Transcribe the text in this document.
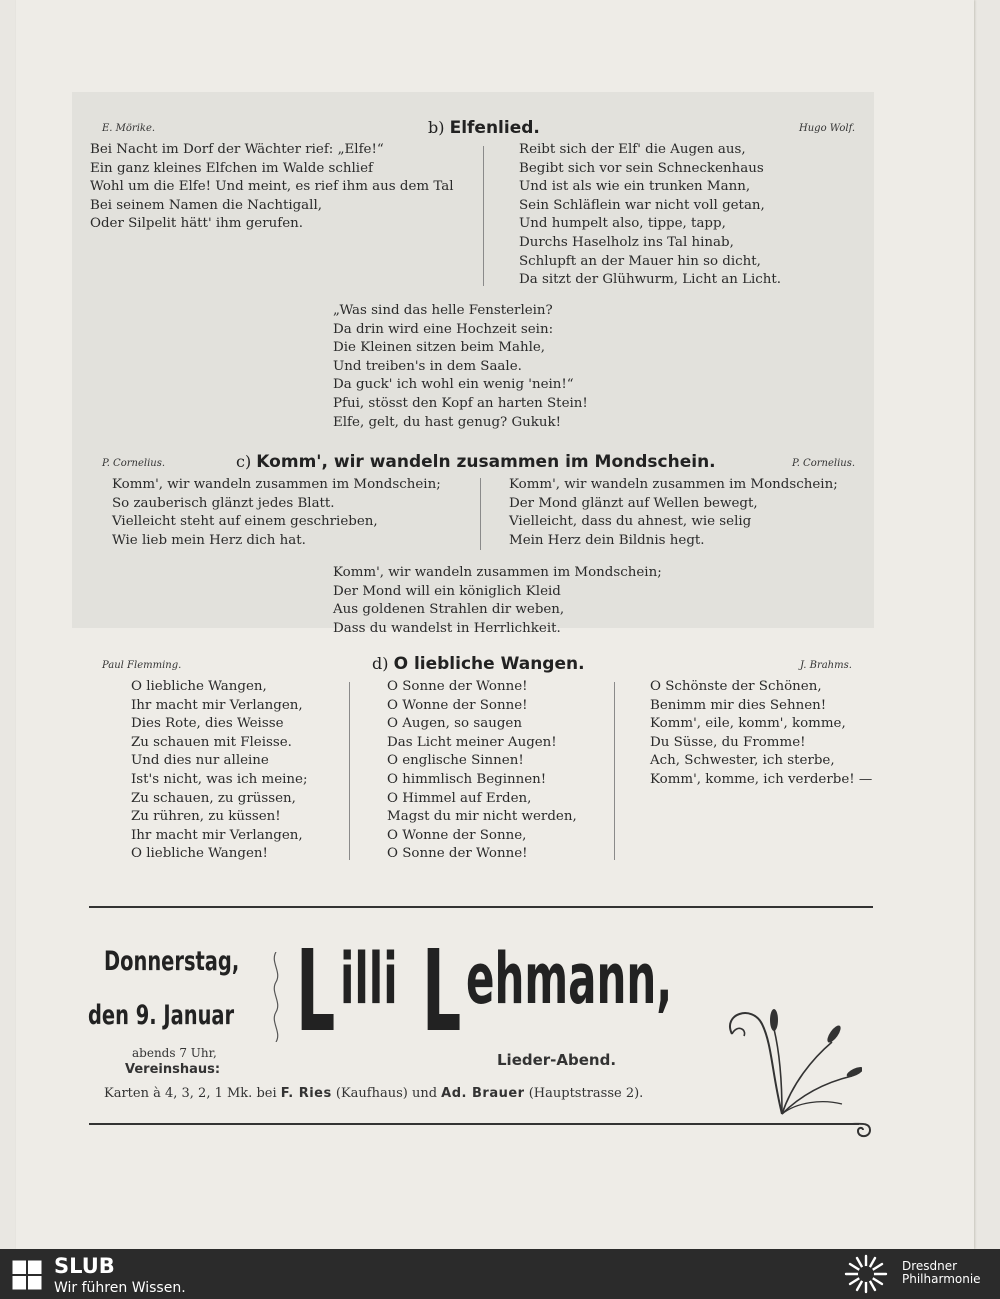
E. Mörike.	b) Elfenlied.	Hugo Wolf.
Bei Nacht im Dorf der Wächter rief: „Elfe!“
Ein ganz kleines Elfchen im Walde schlief
Wohl um die Elfe! Und meint, es rief ihm aus dem Tal
Bei seinem Namen die Nachtigall,
Oder Silpelit hätt' ihm gerufen.
Reibt sich der Elf' die Augen aus,
Begibt sich vor sein Schneckenhaus
Und ist als wie ein trunken Mann,
Sein Schläflein war nicht voll getan,
Und humpelt also, tippe, tapp,
Durchs Haselholz ins Tal hinab,
Schlupft an der Mauer hin so dicht,
Da sitzt der Glühwurm, Licht an Licht.
„Was sind das helle Fensterlein?
Da drin wird eine Hochzeit sein:
Die Kleinen sitzen beim Mahle,
Und treiben's in dem Saale.
Da guck' ich wohl ein wenig 'nein!“
Pfui, stösst den Kopf an harten Stein!
Elfe, gelt, du hast genug? Gukuk!
P. Cornelius.	c) Komm', wir wandeln zusammen im Mondschein.	P. Cornelius.
Komm', wir wandeln zusammen im Mondschein;
So zauberisch glänzt jedes Blatt.
Vielleicht steht auf einem geschrieben,
Wie lieb mein Herz dich hat.
Komm', wir wandeln zusammen im Mondschein;
Der Mond glänzt auf Wellen bewegt,
Vielleicht, dass du ahnest, wie selig
Mein Herz dein Bildnis hegt.
Komm', wir wandeln zusammen im Mondschein;
Der Mond will ein königlich Kleid
Aus goldenen Strahlen dir weben,
Dass du wandelst in Herrlichkeit.
Paul Flemming.	d) O liebliche Wangen.	J. Brahms.
O liebliche Wangen,
Ihr macht mir Verlangen,
Dies Rote, dies Weisse
Zu schauen mit Fleisse.
Und dies nur alleine
Ist's nicht, was ich meine;
Zu schauen, zu grüssen,
Zu rühren, zu küssen!
Ihr macht mir Verlangen,
O liebliche Wangen!
O Sonne der Wonne!
O Wonne der Sonne!
O Augen, so saugen
Das Licht meiner Augen!
O englische Sinnen!
O himmlisch Beginnen!
O Himmel auf Erden,
Magst du mir nicht werden,
O Wonne der Sonne,
O Sonne der Wonne!
O Schönste der Schönen,
Benimm mir dies Sehnen!
Komm', eile, komm', komme,
Du Süsse, du Fromme!
Ach, Schwester, ich sterbe,
Komm', komme, ich verderbe! —
Donnerstag,
den 9. Januar
abends 7 Uhr,
Vereinshaus:
L illi L ehmann,
Lieder-Abend.
Karten à 4, 3, 2, 1 Mk. bei F. Ries (Kaufhaus) und Ad. Brauer (Hauptstrasse 2).
SLUB
Wir führen Wissen.
Dresdner
Philharmonie
